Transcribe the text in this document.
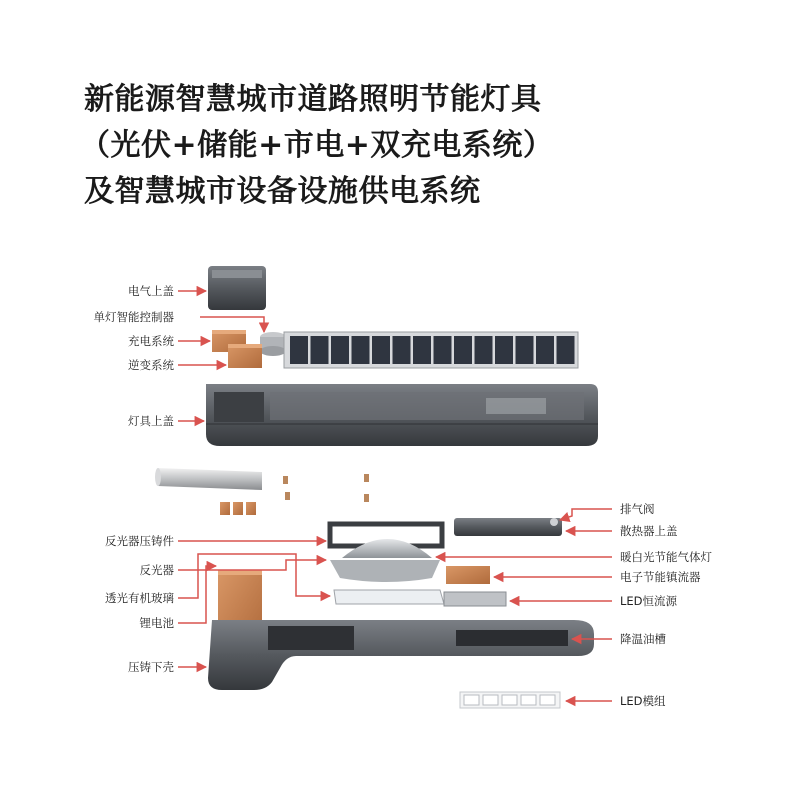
新能源智慧城市道路照明节能灯具
（光伏+储能+市电+双充电系统）
及智慧城市设备设施供电系统
电气上盖
单灯智能控制器
充电系统
逆变系统
灯具上盖
反光器压铸件
反光器
透光有机玻璃
锂电池
压铸下壳
排气阀
散热器上盖
暖白光节能气体灯
电子节能镇流器
LED恒流源
降温油槽
LED模组
